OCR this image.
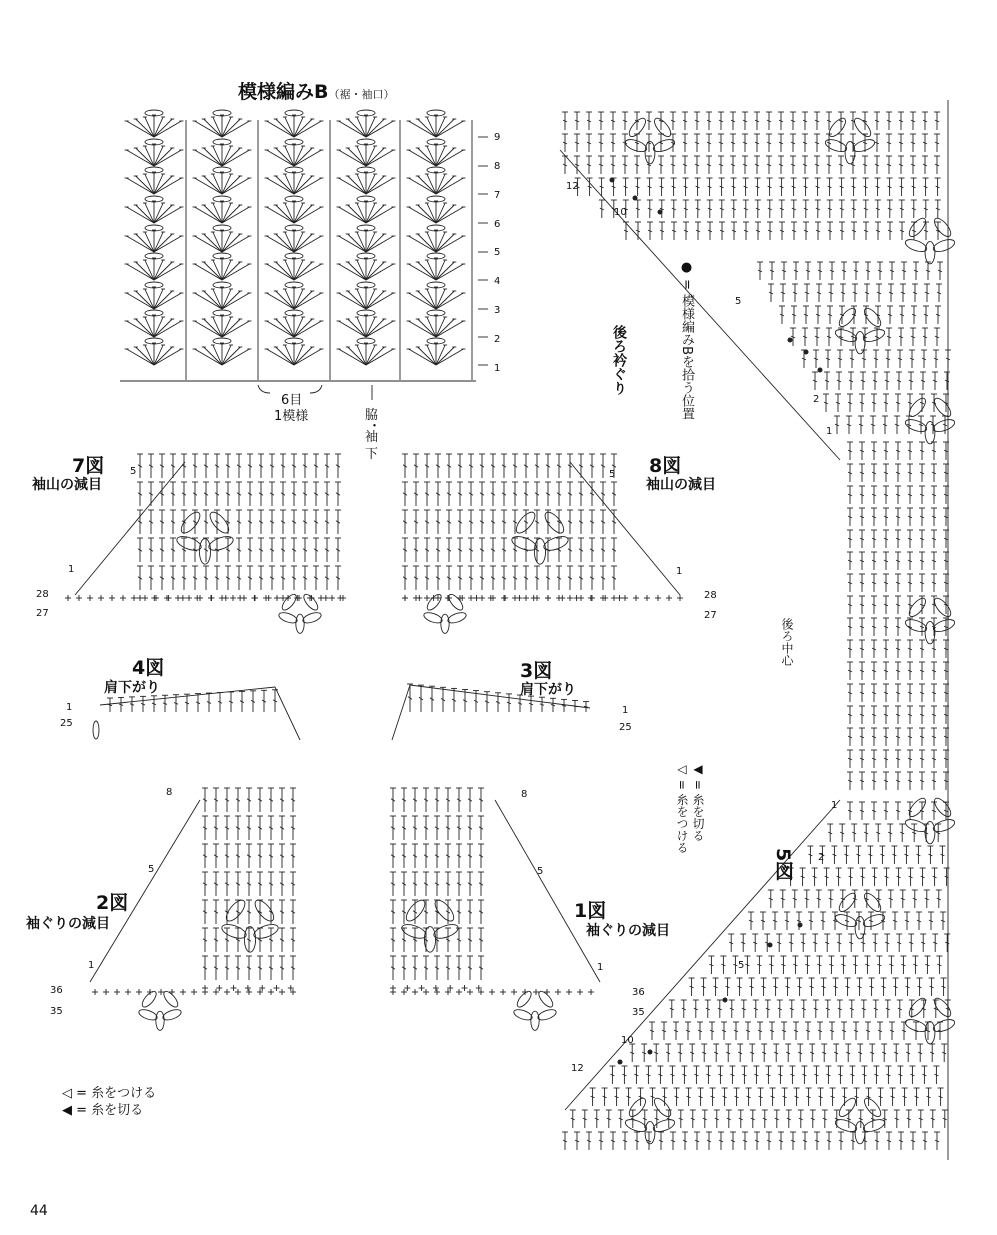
模様編みB（裾・袖口）
9
8
7
6
5
4
3
2
1
6目
1模様	脇
・
袖
下
7図
袖山の減目
5
1
28
27
8図
袖山の減目
5
1
28
27
4図
肩下がり
1
25
3図
肩下がり
1
25
2図
袖ぐりの減目
8
5
1
36
35
1図
袖ぐりの減目
8
5
1
36
35
5図
後ろ衿ぐり	● = 模様編みBを拾う位置
後ろ中心
12
10
5
2
1
1
2
5
10
12
◁ = 糸をつける ◀ = 糸を切る
◁ = 糸をつける
◀ = 糸を切る
44
